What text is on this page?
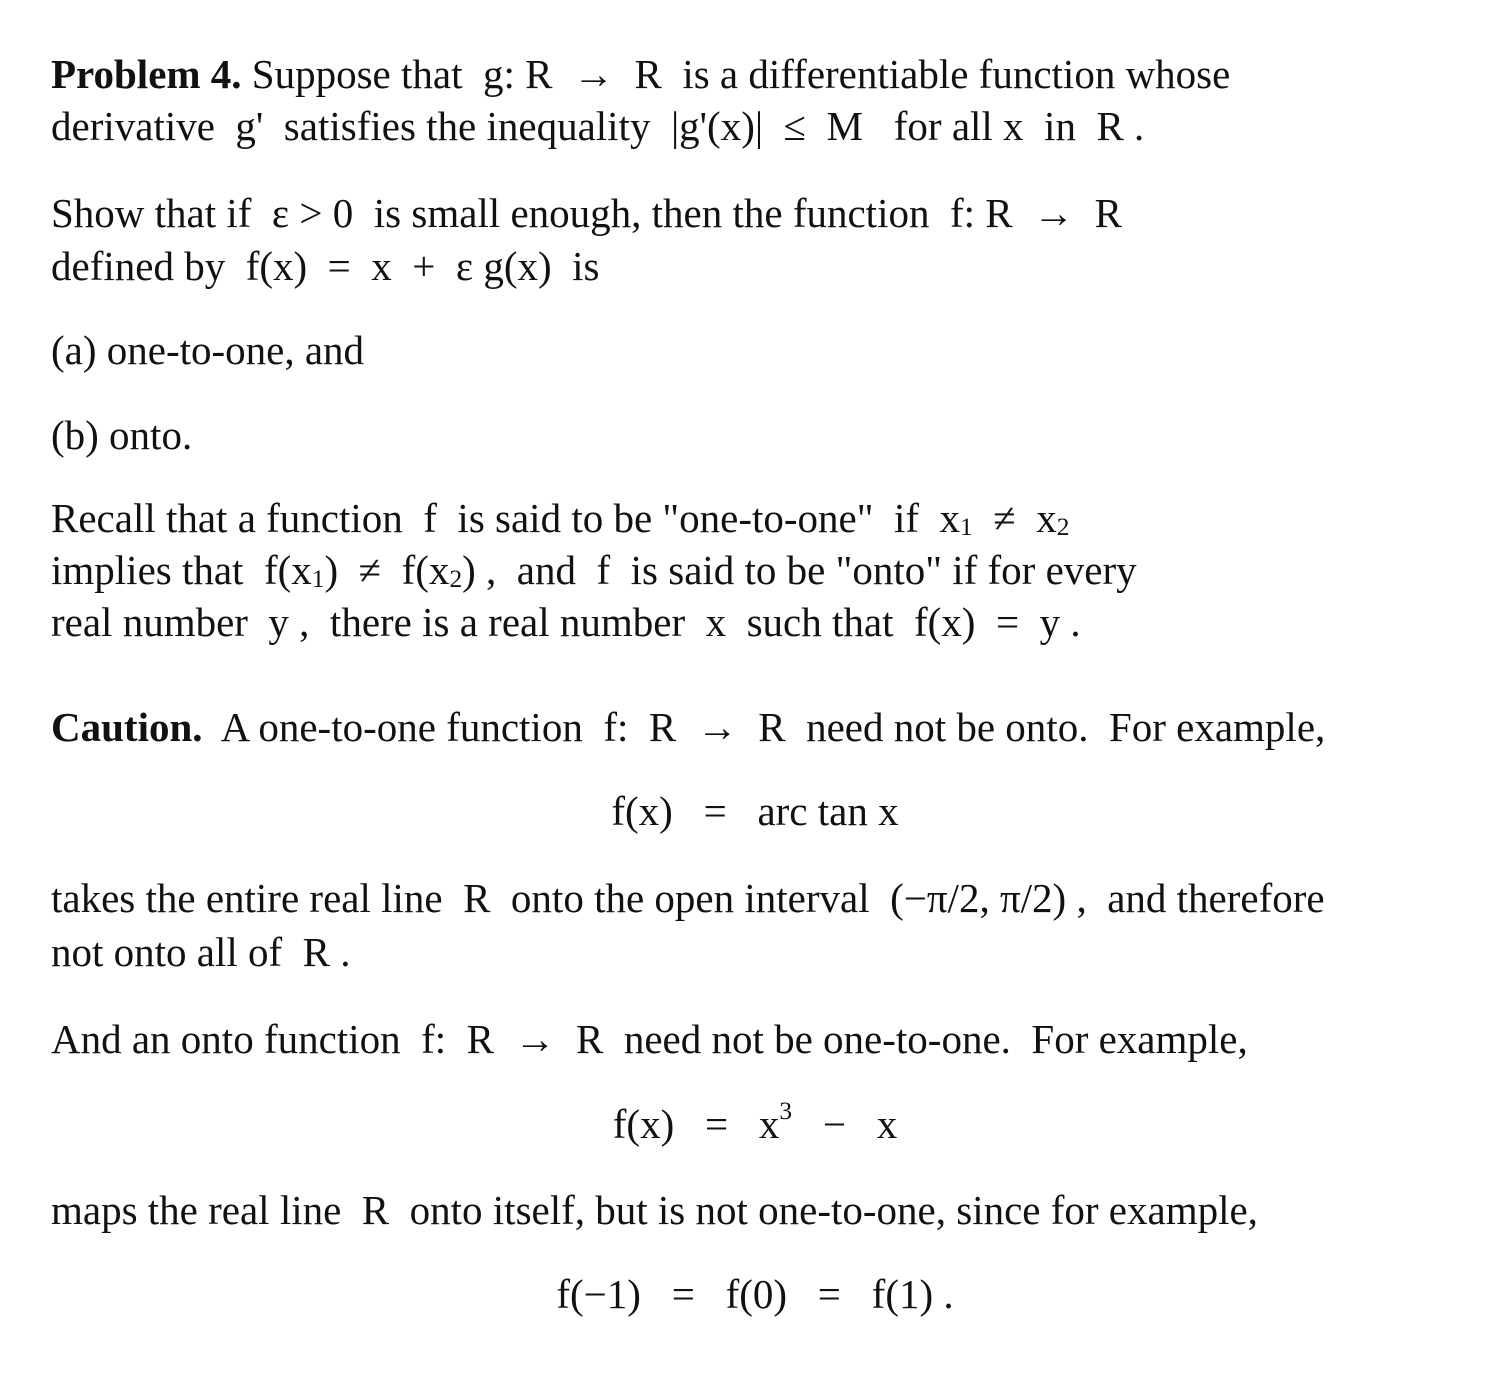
Problem 4. Suppose that  g: R  →  R  is a differentiable function whose

derivative  g'  satisfies the inequality  |g'(x)|  ≤  M   for all x  in  R .

Show that if  ε > 0  is small enough, then the function  f: R  →  R

defined by  f(x)  =  x  +  ε g(x)  is

(a) one-to-one, and

(b) onto.

Recall that a function  f  is said to be "one-to-one"  if  $x_1 \ne x_2$

implies that  $f(x_1) \ne f(x_2)$ ,  and  f  is said to be "onto" if for every

real number  y ,  there is a real number  x  such that  f(x)  =  y .

Caution.  A one-to-one function  f:  R  →  R  need not be onto.  For example,

f(x)   =   arc tan x

takes the entire real line  R  onto the open interval  (−π/2, π/2) ,  and therefore

not onto all of  R .

And an onto function  f:  R  →  R  need not be one-to-one.  For example,

$f(x) = x^3 - x$

maps the real line  R  onto itself, but is not one-to-one, since for example,

f(−1)   =   f(0)   =   f(1) .
